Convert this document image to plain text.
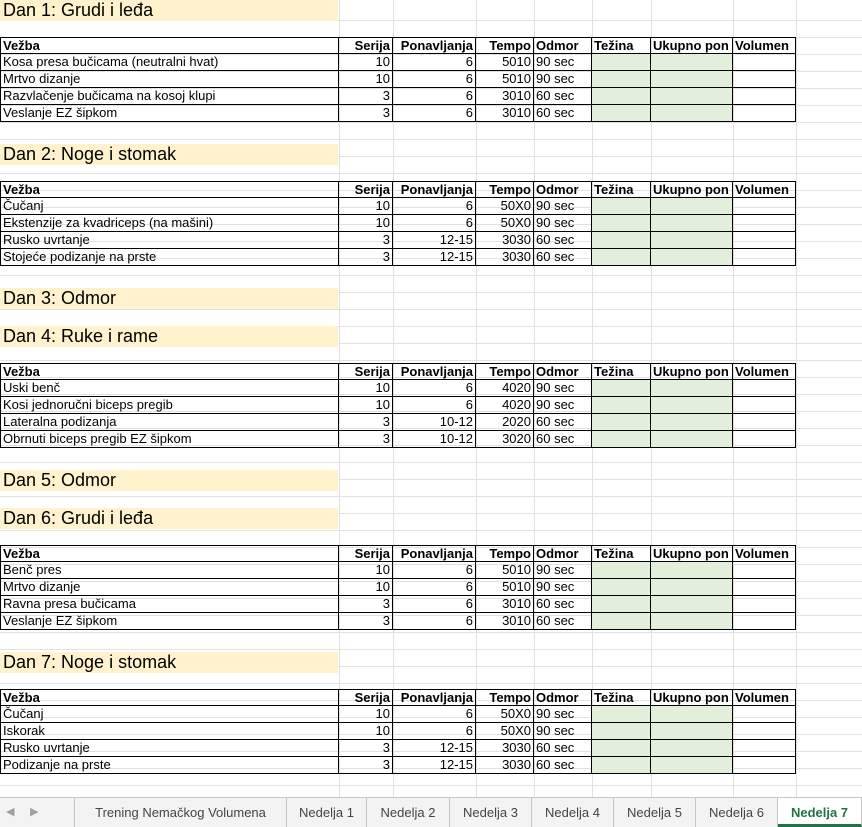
Dan 1: Grudi i leđa
Vežba	Serija Ponavljanja	Tempo Odmor	Težina	Ukupno pon Volumen
Kosa presa bučicama (neutralni hvat)	10	6	5010 90 sec
Mrtvo dizanje	10	6	5010 90 sec
Razvlačenje bučicama na kosoj klupi	3	6	3010 60 sec
Veslanje EZ šipkom	3	6	3010 60 sec
Dan 2: Noge i stomak
Vežba	Serija Ponavljanja	Tempo Odmor	Težina	Ukupno pon Volumen
Čučanj	10	6	50X0 90 sec
Ekstenzije za kvadriceps (na mašini)	10	6	50X0 90 sec
Rusko uvrtanje	3	12-15	3030 60 sec
Stojeće podizanje na prste	3	12-15	3030 60 sec
Dan 3: Odmor
Dan 4: Ruke i rame
Vežba	Serija Ponavljanja	Tempo Odmor	Težina	Ukupno pon Volumen
Uski benč	10	6	4020 90 sec
Kosi jednoručni biceps pregib	10	6	4020 90 sec
Lateralna podizanja	3	10-12	2020 60 sec
Obrnuti biceps pregib EZ šipkom	3	10-12	3020 60 sec
Dan 5: Odmor
Dan 6: Grudi i leđa
Vežba	Serija Ponavljanja	Tempo Odmor	Težina	Ukupno pon Volumen
Benč pres	10	6	5010 90 sec
Mrtvo dizanje	10	6	5010 90 sec
Ravna presa bučicama	3	6	3010 60 sec
Veslanje EZ šipkom	3	6	3010 60 sec
Dan 7: Noge i stomak
Vežba	Serija Ponavljanja	Tempo Odmor	Težina	Ukupno pon Volumen
Čučanj	10	6	50X0 90 sec
Iskorak	10	6	50X0 90 sec
Rusko uvrtanje	3	12-15	3030 60 sec
Podizanje na prste	3	12-15	3030 60 sec
◀ ▶	Trening Nemačkog Volumena	Nedelja 1	Nedelja 2	Nedelja 3	Nedelja 4	Nedelja 5	Nedelja 6	Nedelja 7
